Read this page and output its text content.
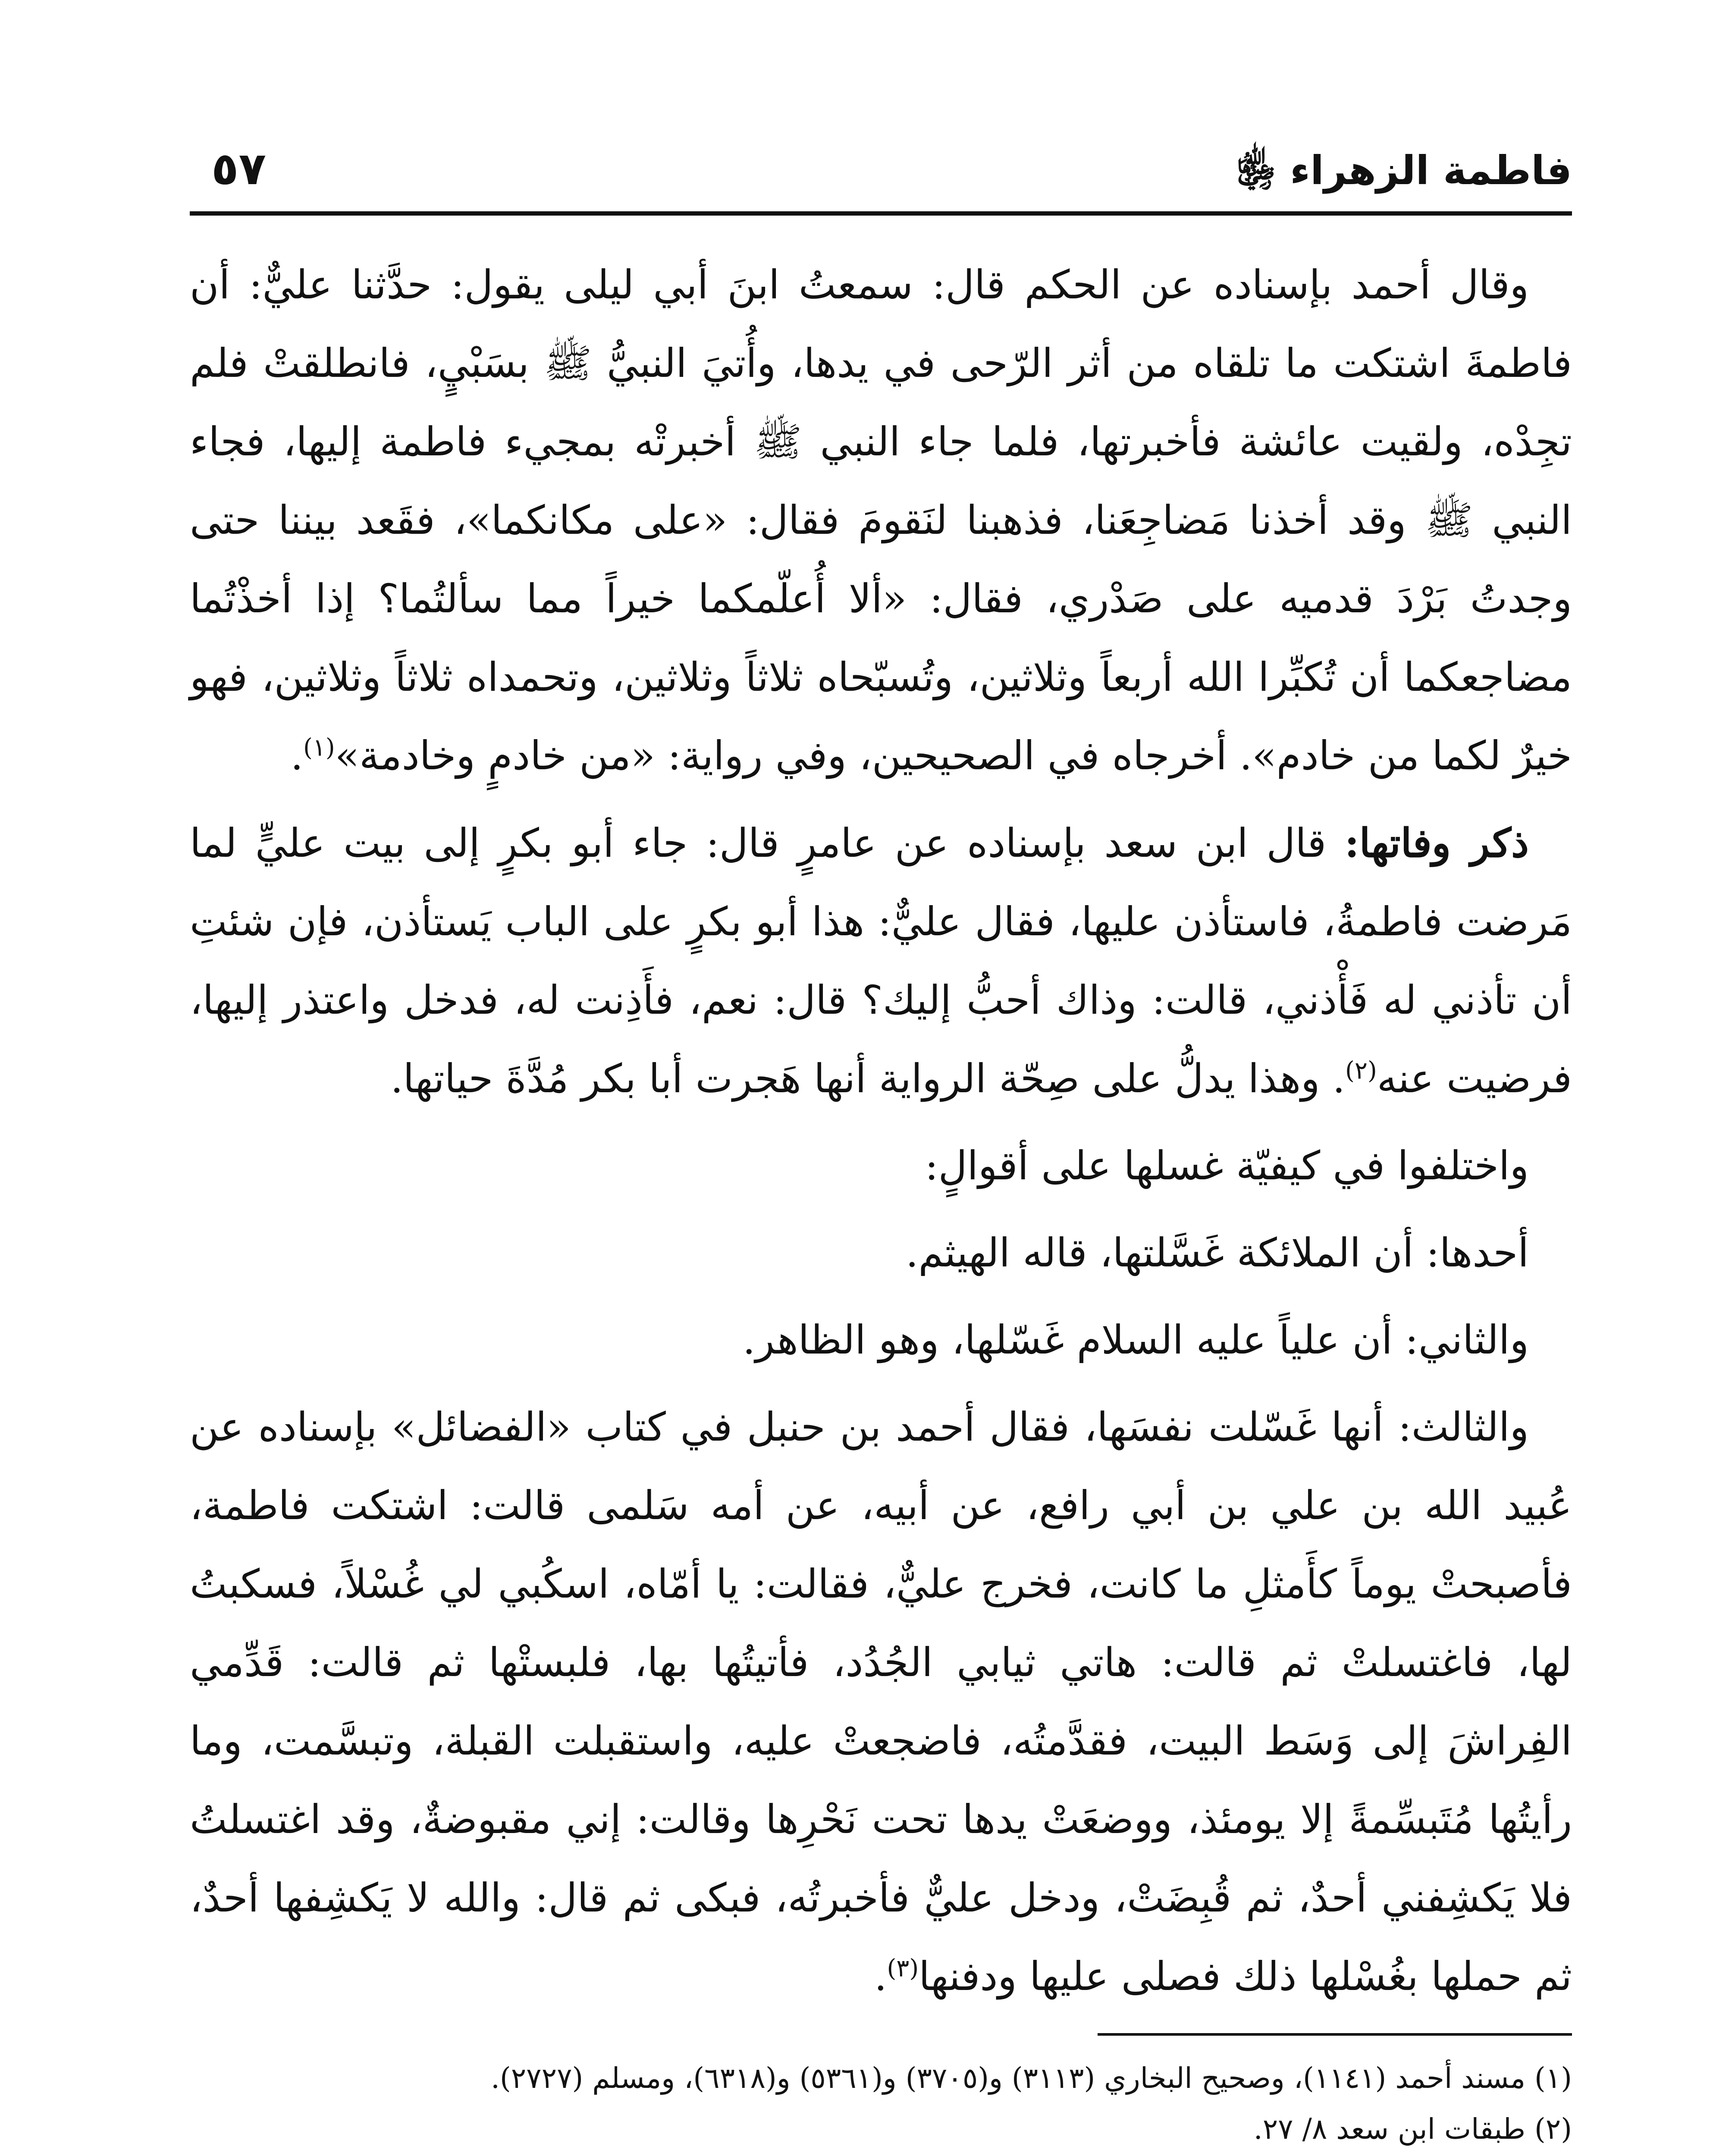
فاطمة الزهراء ﵂
٥٧

وقال أحمد بإسناده عن الحكم قال: سمعتُ ابنَ أبي ليلى يقول: حدَّثنا عليٌّ: أن فاطمةَ اشتكت ما تلقاه من أثر الرّحى في يدها، وأُتيَ النبيُّ ﷺ بسَبْيٍ، فانطلقتْ فلم تجِدْه، ولقيت عائشة فأخبرتها، فلما جاء النبي ﷺ أخبرتْه بمجيء فاطمة إليها، فجاء النبي ﷺ وقد أخذنا مَضاجِعَنا، فذهبنا لنَقومَ فقال: «على مكانكما»، فقَعد بيننا حتى وجدتُ بَرْدَ قدميه على صَدْري، فقال: «ألا أُعلّمكما خيراً مما سألتُما؟ إذا أخذْتُما مضاجعكما أن تُكبِّرا الله أربعاً وثلاثين، وتُسبّحاه ثلاثاً وثلاثين، وتحمداه ثلاثاً وثلاثين، فهو خيرٌ لكما من خادم». أخرجاه في الصحيحين، وفي رواية: «من خادمٍ وخادمة»$^{(١)}$.

ذكر وفاتها: قال ابن سعد بإسناده عن عامرٍ قال: جاء أبو بكرٍ إلى بيت عليٍّ لما مَرضت فاطمةُ، فاستأذن عليها، فقال عليٌّ: هذا أبو بكرٍ على الباب يَستأذن، فإن شئتِ أن تأذني له فَأْذني، قالت: وذاك أحبُّ إليك؟ قال: نعم، فأَذِنت له، فدخل واعتذر إليها، فرضيت عنه$^{(٢)}$. وهذا يدلُّ على صِحّة الرواية أنها هَجرت أبا بكر مُدَّةَ حياتها.

واختلفوا في كيفيّة غسلها على أقوالٍ:

أحدها: أن الملائكة غَسَّلتها، قاله الهيثم.

والثاني: أن علياً عليه السلام غَسّلها، وهو الظاهر.

والثالث: أنها غَسّلت نفسَها، فقال أحمد بن حنبل في كتاب «الفضائل» بإسناده عن عُبيد الله بن علي بن أبي رافع، عن أبيه، عن أمه سَلمى قالت: اشتكت فاطمة، فأصبحتْ يوماً كأَمثلِ ما كانت، فخرج عليٌّ، فقالت: يا أمّاه، اسكُبي لي غُسْلاً، فسكبتُ لها، فاغتسلتْ ثم قالت: هاتي ثيابي الجُدُد، فأتيتُها بها، فلبستْها ثم قالت: قَدِّمي الفِراشَ إلى وَسَط البيت، فقدَّمتُه، فاضجعتْ عليه، واستقبلت القبلة، وتبسَّمت، وما رأيتُها مُتَبسِّمةً إلا يومئذ، ووضعَتْ يدها تحت نَحْرِها وقالت: إني مقبوضةٌ، وقد اغتسلتُ فلا يَكشِفني أحدٌ، ثم قُبِضَتْ، ودخل عليٌّ فأخبرتُه، فبكى ثم قال: والله لا يَكشِفها أحدٌ، ثم حملها بغُسْلها ذلك فصلى عليها ودفنها$^{(٣)}$.

(١) مسند أحمد (١١٤١)، وصحيح البخاري (٣١١٣) و(٣٧٠٥) و(٥٣٦١) و(٦٣١٨)، ومسلم (٢٧٢٧).
(٢) طبقات ابن سعد ٨/ ٢٧.
